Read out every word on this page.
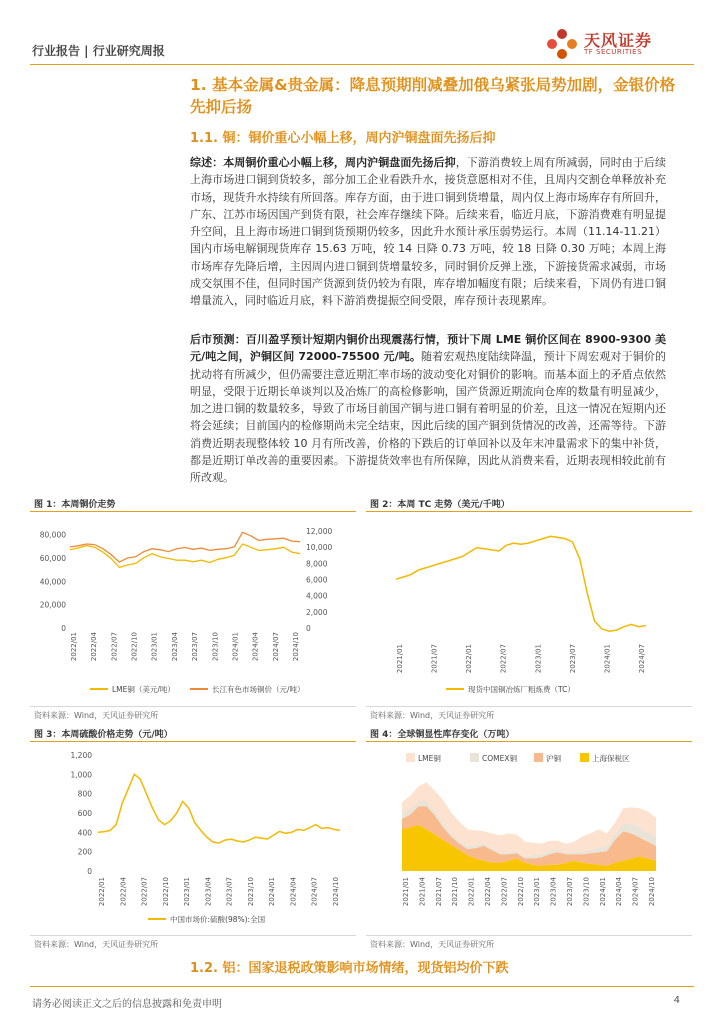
行业报告 | 行业研究周报
天风证券
TF SECURITIES
1. 基本金属&贵金属：降息预期削减叠加俄乌紧张局势加剧，金银价格先抑后扬
1.1. 铜：铜价重心小幅上移，周内沪铜盘面先扬后抑
综述：本周铜价重心小幅上移，周内沪铜盘面先扬后抑，下游消费较上周有所减弱，同时由于后续上海市场进口铜到货较多，部分加工企业看跌升水，接货意愿相对不佳，且周内交割仓单释放补充市场，现货升水持续有所回落。库存方面，由于进口铜到货增量，周内仅上海市场库存有所回升，广东、江苏市场因国产到货有限，社会库存继续下降。后续来看，临近月底，下游消费难有明显提升空间，且上海市场进口铜到货预期仍较多，因此升水预计承压弱势运行。本周（11.14-11.21）国内市场电解铜现货库存 15.63 万吨，较 14 日降 0.73 万吨，较 18 日降 0.30 万吨；本周上海市场库存先降后增，主因周内进口铜到货增量较多，同时铜价反弹上涨，下游接货需求减弱，市场成交氛围不佳，但同时国产货源到货仍较为有限，库存增加幅度有限；后续来看，下周仍有进口铜增量流入，同时临近月底，料下游消费提振空间受限，库存预计表现累库。
后市预测：百川盈孚预计短期内铜价出现震荡行情，预计下周 LME 铜价区间在 8900-9300 美元/吨之间，沪铜区间 72000-75500 元/吨。随着宏观热度陆续降温，预计下周宏观对于铜价的扰动将有所减少，但仍需要注意近期汇率市场的波动变化对铜价的影响。而基本面上的矛盾点依然明显，受限于近期长单谈判以及冶炼厂的高检修影响，国产货源近期流向仓库的数量有明显减少，加之进口铜的数量较多，导致了市场目前国产铜与进口铜有着明显的价差，且这一情况在短期内还将会延续；目前国内的检修期尚未完全结束，因此后续的国产铜到货情况的改善，还需等待。下游消费近期表现整体较 10 月有所改善，价格的下跌后的订单回补以及年末冲量需求下的集中补货，都是近期订单改善的重要因素。下游提货效率也有所保障，因此从消费来看，近期表现相较此前有所改观。
图 1：本周铜价走势
0
20,000
40,000
60,000
80,000
0
2,000
4,000
6,000
8,000
10,000
12,000
2022/01 2022/04 2022/07 2022/10 2023/01 2023/04 2023/07 2023/10 2024/01 2024/04 2024/07 2024/10
LME铜（美元/吨）	长江有色市场铜价（元/吨）
资料来源：Wind，天风证券研究所
图 2：本周 TC 走势（美元/千吨）
2021/01	2021/07	2022/01	2022/07	2023/01	2023/07	2024/01	2024/07
现货中国铜冶炼厂粗炼费（TC）
资料来源：Wind，天风证券研究所
图 3：本周硫酸价格走势（元/吨）
0
200
400
600
800
1,000
1,200
2022/01 2022/04 2022/07 2022/10 2023/01 2023/04 2023/07 2023/10 2024/01 2024/04 2024/07 2024/10
中国市场价:硫酸(98%):全国
资料来源：Wind，天风证券研究所
图 4：全球铜显性库存变化（万吨）
2021/01 2021/04 2021/07 2021/10 2022/01 2022/04 2022/07 2022/10 2023/01 2023/04 2023/07 2023/10 2024/01 2024/04 2024/07 2024/10
LME铜	COMEX铜	沪铜	上海保税区
资料来源：Wind，天风证券研究所
1.2. 铝：国家退税政策影响市场情绪，现货铝均价下跌
请务必阅读正文之后的信息披露和免责申明	4
